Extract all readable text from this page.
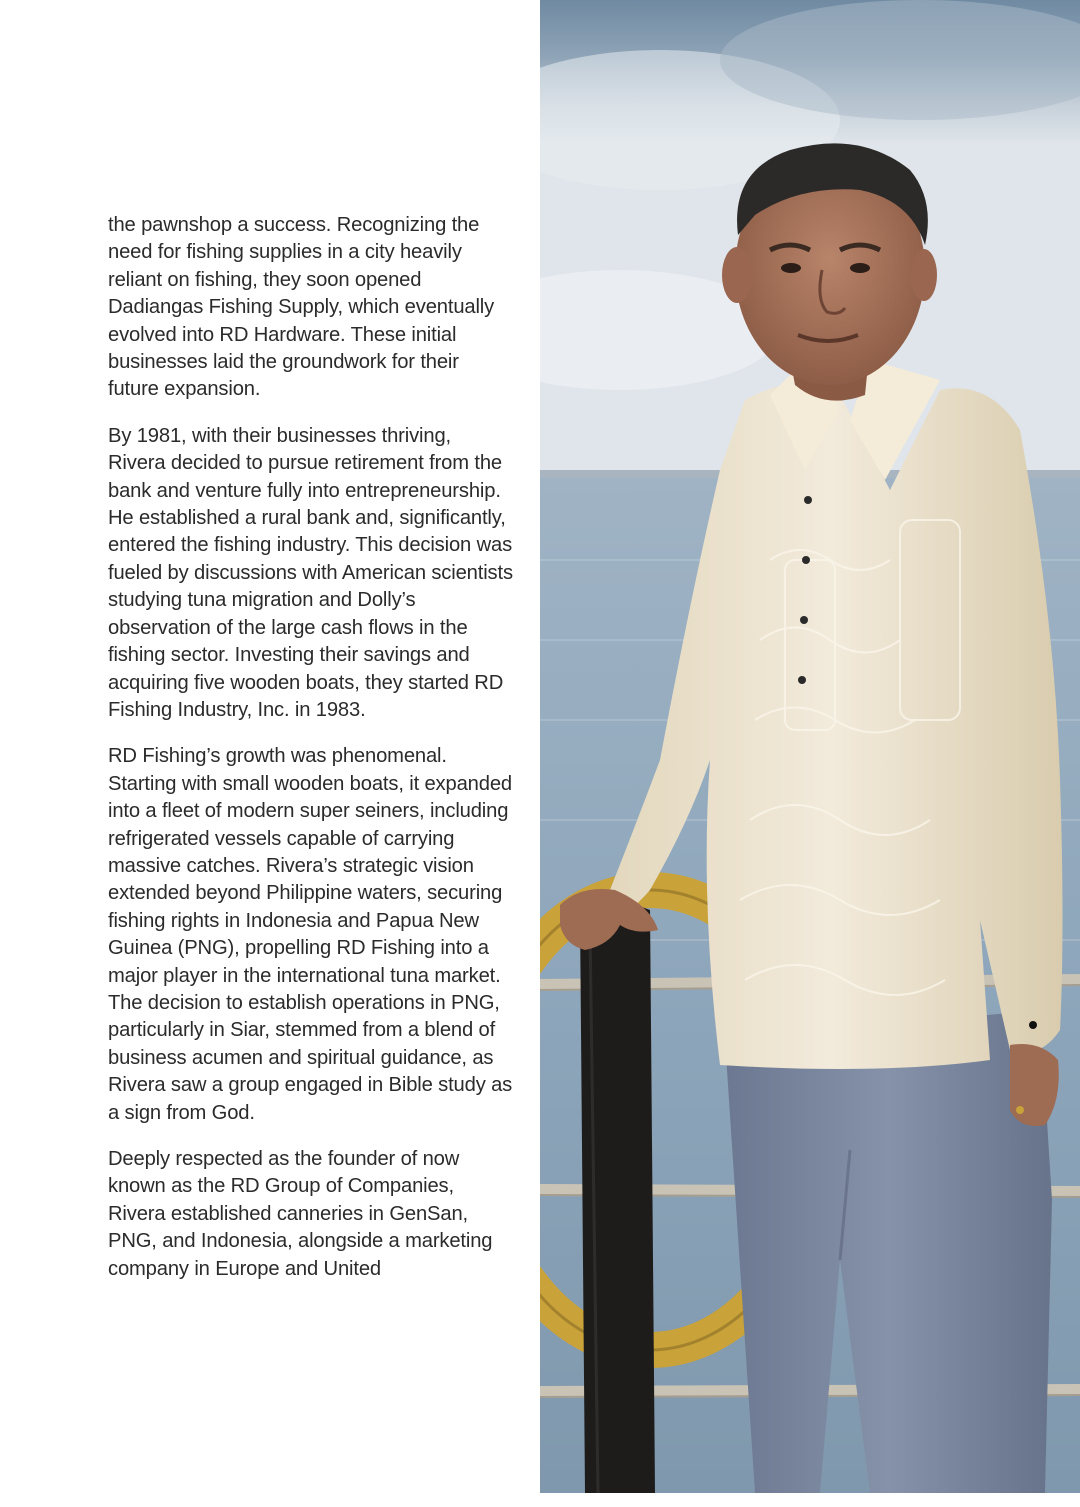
the pawnshop a success. Recognizing the need for fishing supplies in a city heavily reliant on fishing, they soon opened Dadiangas Fishing Supply, which eventually evolved into RD Hardware. These initial businesses laid the groundwork for their future expansion.

By 1981, with their businesses thriving, Rivera decided to pursue retirement from the bank and venture fully into entrepreneurship. He established a rural bank and, significantly, entered the fishing industry. This decision was fueled by discussions with American scientists studying tuna migration and Dolly’s observation of the large cash flows in the fishing sector. Investing their savings and acquiring five wooden boats, they started RD Fishing Industry, Inc. in 1983.

RD Fishing’s growth was phenomenal. Starting with small wooden boats, it expanded into a fleet of modern super seiners, including refrigerated vessels capable of carrying massive catches. Rivera’s strategic vision extended beyond Philippine waters, securing fishing rights in Indonesia and Papua New Guinea (PNG), propelling RD Fishing into a major player in the international tuna market. The decision to establish operations in PNG, particularly in Siar, stemmed from a blend of business acumen and spiritual guidance, as Rivera saw a group engaged in Bible study as a sign from God.

Deeply respected as the founder of now known as the RD Group of Companies, Rivera established canneries in GenSan, PNG, and Indonesia, alongside a marketing company in Europe and United
